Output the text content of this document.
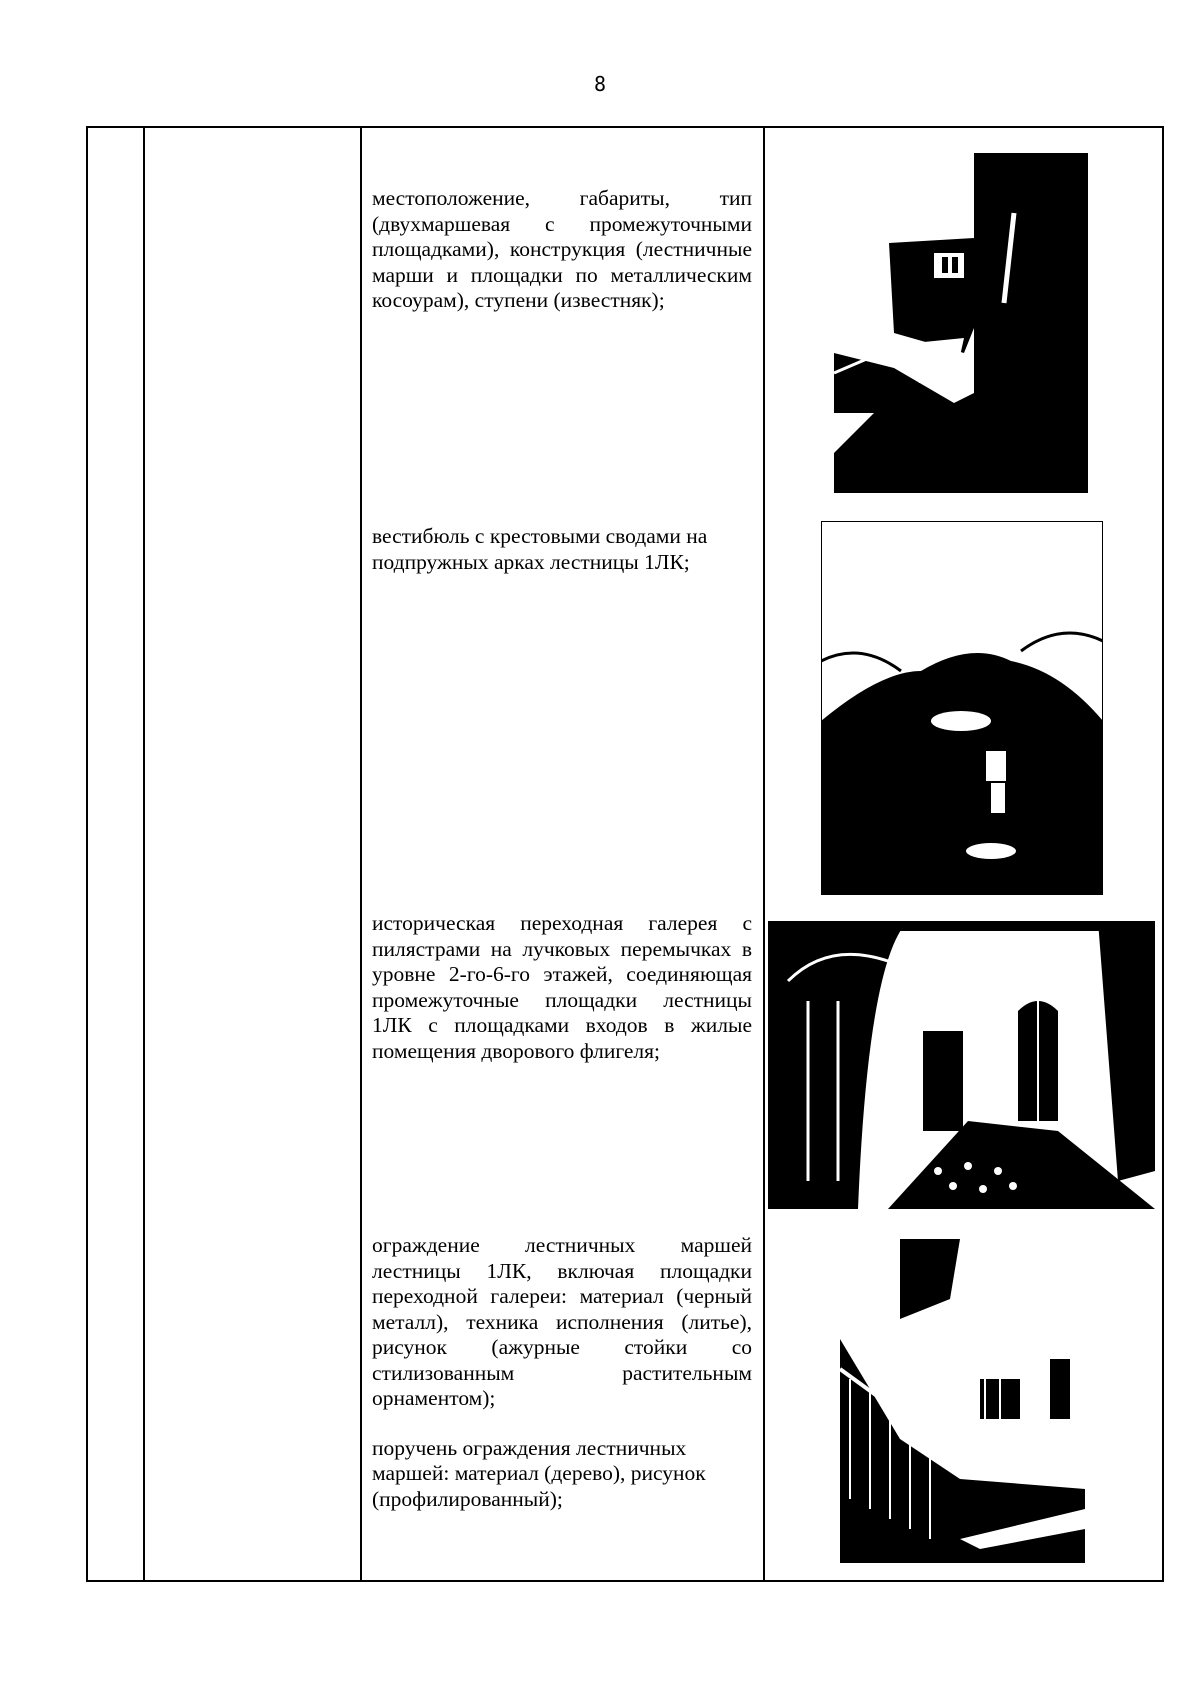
8

местоположение, габариты, тип (двухмаршевая с промежуточными площадками), конструкция (лестничные марши и площадки по металлическим косоурам), ступени (известняк);

вестибюль с крестовыми сводами на подпружных арках лестницы 1ЛК;

историческая переходная галерея с пилястрами на лучковых перемычках в уровне 2-го-6-го этажей, соединяющая промежуточные площадки лестницы 1ЛК с площадками входов в жилые помещения дворового флигеля;

ограждение лестничных маршей лестницы 1ЛК, включая площадки переходной галереи: материал (черный металл), техника исполнения (литье), рисунок (ажурные стойки со стилизованным растительным орнаментом);

поручень ограждения лестничных маршей: материал (дерево), рисунок (профилированный);
